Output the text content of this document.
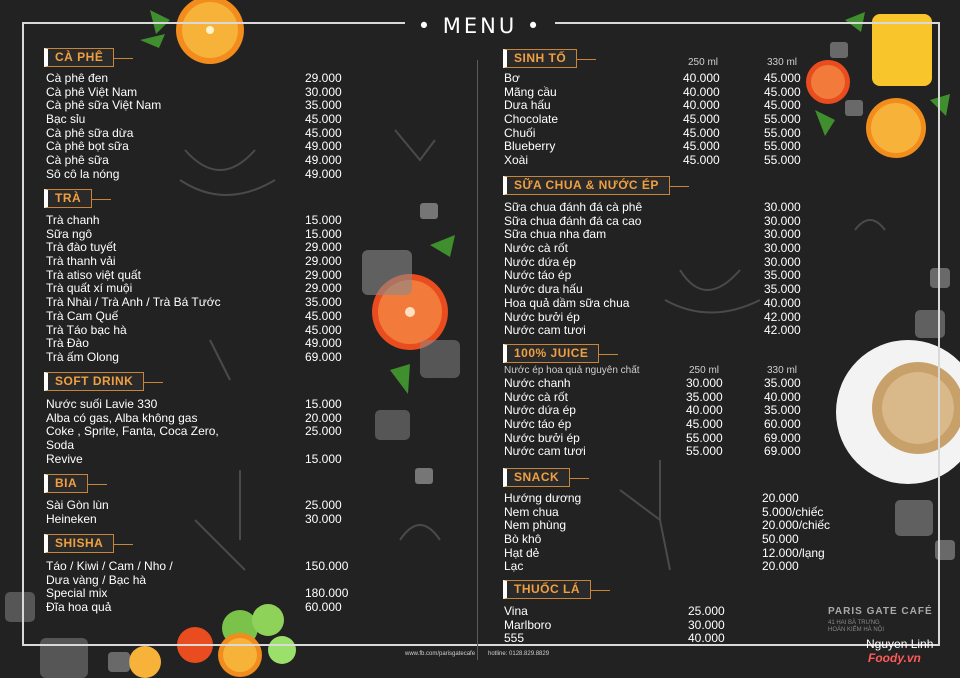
• MENU •
CÀ PHÊ
Cà phê đen	29.000
Cà phê Việt Nam	30.000
Cà phê sữa Việt Nam	35.000
Bạc sỉu	45.000
Cà phê sữa dừa	45.000
Cà phê bọt sữa	49.000
Cà phê sữa	49.000
Sô cô la nóng	49.000
TRÀ
Trà chanh	15.000
Sữa ngô	15.000
Trà đào tuyết	29.000
Trà thanh vải	29.000
Trà atiso việt quất	29.000
Trà quất xí muội	29.000
Trà Nhài / Trà Anh / Trà Bá Tước	35.000
Trà Cam Quế	45.000
Trà Táo bạc hà	45.000
Trà Đào	49.000
Trà ấm Olong	69.000
SOFT DRINK
Nước suối Lavie 330	15.000
Alba có gas, Alba không gas	20.000
Coke , Sprite, Fanta, Coca Zero,	25.000
Soda
Revive	15.000
BIA
Sài Gòn lùn	25.000
Heineken	30.000
SHISHA
Táo / Kiwi / Cam / Nho /	150.000
Dưa vàng / Bạc hà
Special mix	180.000
Đĩa hoa quả	60.000
SINH TỐ	250 ml	330 ml
Bơ	40.000	45.000
Mãng cầu	40.000	45.000
Dưa hấu	40.000	45.000
Chocolate	45.000	55.000
Chuối	45.000	55.000
Blueberry	45.000	55.000
Xoài	45.000	55.000
SỮA CHUA & NƯỚC ÉP
Sữa chua đánh đá cà phê	30.000
Sữa chua đánh đá ca cao	30.000
Sữa chua nha đam	30.000
Nước cà rốt	30.000
Nước dứa ép	30.000
Nước táo ép	35.000
Nước dưa hấu	35.000
Hoa quả dầm sữa chua	40.000
Nước bưởi ép	42.000
Nước cam tươi	42.000
100% JUICE
Nước ép hoa quả nguyên chất	250 ml	330 ml
Nước chanh	30.000	35.000
Nước cà rốt	35.000	40.000
Nước dứa ép	40.000	35.000
Nước táo ép	45.000	60.000
Nước bưởi ép	55.000	69.000
Nước cam tươi	55.000	69.000
SNACK
Hướng dương	20.000
Nem chua	5.000/chiếc
Nem phùng	20.000/chiếc
Bò khô	50.000
Hạt dẻ	12.000/lạng
Lạc	20.000
THUỐC LÁ
Vina	25.000
Marlboro	30.000
555	40.000
www.fb.com/parisgatecafe hotline: 0128.829.8829
PARIS GATE CAFÉ
41 HAI BÀ TRƯNG HOÀN KIẾM HÀ NỘI
Nguyen Linh
Foody.vn
